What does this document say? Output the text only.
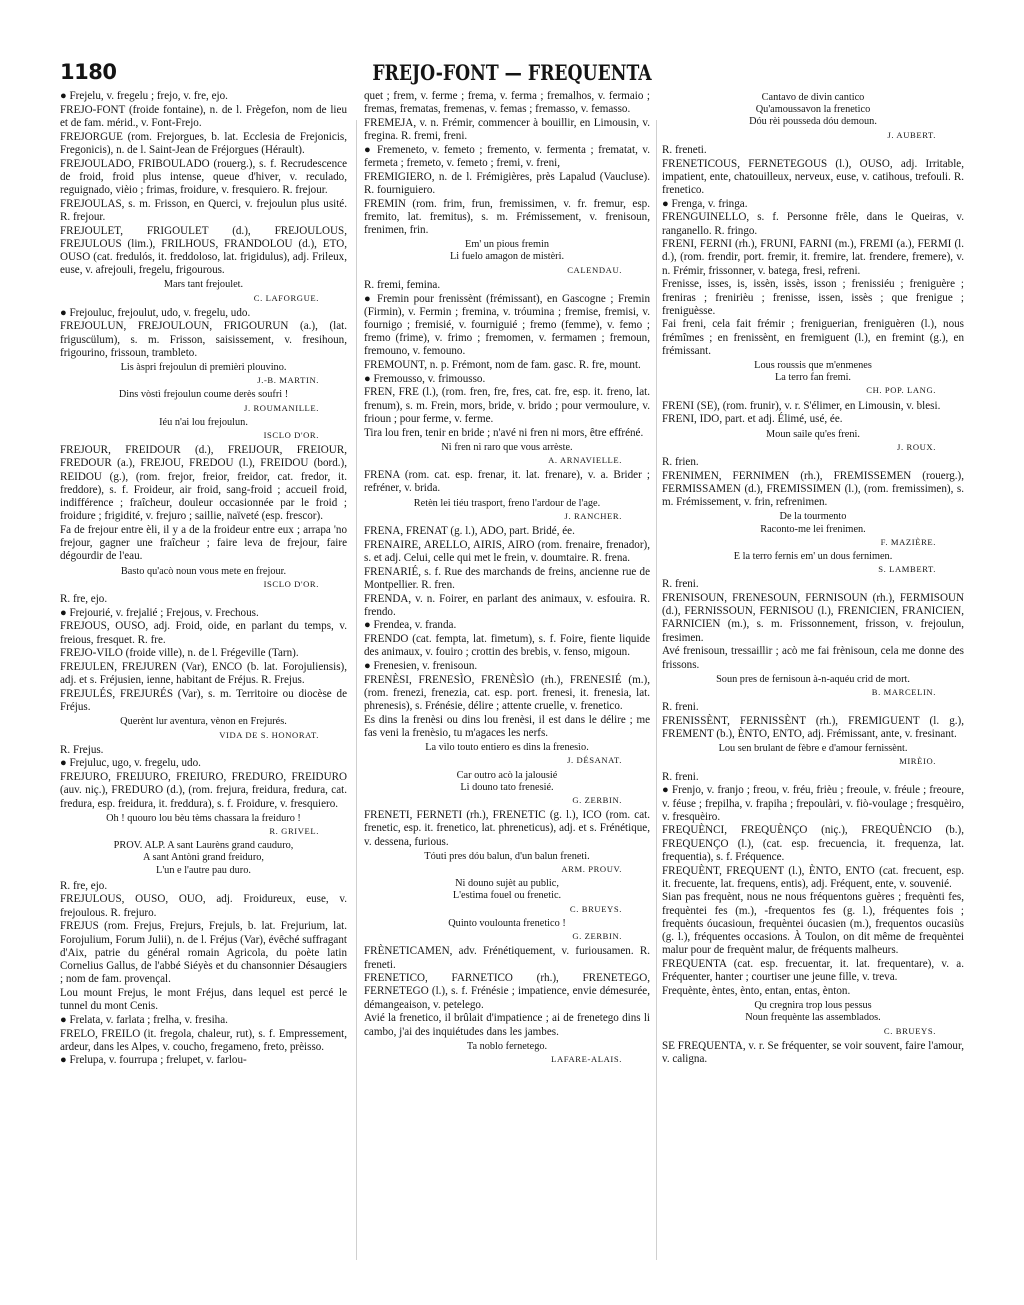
1180	FREJO-FONT — FREQUENTA

● Frejelu, v. fregelu ; frejo, v. fre, ejo.

FREJO-FONT (froide fontaine), n. de l. Frègefon, nom de lieu et de fam. mérid., v. Font-Frejo.

FREJORGUE (rom. Frejorgues, b. lat. Ecclesia de Frejonicis, Fregonicis), n. de l. Saint-Jean de Fréjorgues (Hérault).

FREJOULADO, FRIBOULADO (rouerg.), s. f. Recrudescence de froid, froid plus intense, queue d'hiver, v. reculado, reguignado, vièio ; frimas, froidure, v. fresquiero. R. frejour.

FREJOULAS, s. m. Frisson, en Querci, v. frejoulun plus usité. R. frejour.

FREJOULET, FRIGOULET (d.), FREJOULOUS, FREJULOUS (lim.), FRILHOUS, FRANDOLOU (d.), ETO, OUSO (cat. fredulós, it. freddoloso, lat. frigidulus), adj. Frileux, euse, v. afrejouli, fregelu, frigourous.

Mars tant frejoulet.
C. LAFORGUE.

● Frejouluc, frejoulut, udo, v. fregelu, udo.

FREJOULUN, FREJOULOUN, FRIGOURUN (a.), (lat. friguscülum), s. m. Frisson, saisissement, v. fresihoun, frigourino, frissoun, trambleto.

Lis àspri frejoulun di premièri plouvino.
J.-B. MARTIN.
Dins vòstì frejoulun coume derès soufri !
J. ROUMANILLE.
Iéu n'ai lou frejoulun.
ISCLO D'OR.

FREJOUR, FREIDOUR (d.), FREIJOUR, FREIOUR, FREDOUR (a.), FREJOU, FREDOU (l.), FREIDOU (bord.), REIDOU (g.), (rom. frejor, freior, freidor, cat. fredor, it. freddore), s. f. Froideur, air froid, sang-froid ; accueil froid, indifférence ; fraîcheur, douleur occasionnée par le froid ; froidure ; frigidité, v. frejuro ; saillie, naïveté (esp. frescor).

Fa de frejour entre èli, il y a de la froideur entre eux ; arrapa 'no frejour, gagner une fraîcheur ; faire leva de frejour, faire dégourdir de l'eau.

Basto qu'acò noun vous mete en frejour.
ISCLO D'OR.

R. fre, ejo.

● Frejourié, v. frejalié ; Frejous, v. Frechous.

FREJOUS, OUSO, adj. Froid, oide, en parlant du temps, v. freious, fresquet. R. fre.

FREJO-VILO (froide ville), n. de l. Frégeville (Tarn).

FREJULEN, FREJUREN (Var), ENCO (b. lat. Forojuliensis), adj. et s. Fréjusien, ienne, habitant de Fréjus. R. Frejus.

FREJULÉS, FREJURÉS (Var), s. m. Territoire ou diocèse de Fréjus.

Querènt lur aventura, vènon en Frejurés.
VIDA DE S. HONORAT.

R. Frejus.

● Frejuluc, ugo, v. fregelu, udo.

FREJURO, FREIJURO, FREIURO, FREDURO, FREIDURO (auv. niç.), FREDURO (d.), (rom. frejura, freidura, fredura, cat. fredura, esp. freidura, it. freddura), s. f. Froidure, v. fresquiero.

Oh ! quouro lou bèu tèms chassara la freiduro !
R. GRIVEL.
PROV. ALP. A sant Laurèns grand cauduro,
A sant Antòni grand freiduro,
L'un e l'autre pau duro.

R. fre, ejo.

FREJULOUS, OUSO, OUO, adj. Froidureux, euse, v. frejoulous. R. frejuro.

FREJUS (rom. Frejus, Frejurs, Frejuls, b. lat. Frejurium, lat. Forojulium, Forum Julii), n. de l. Fréjus (Var), évêché suffragant d'Aix, patrie du général romain Agricola, du poète latin Cornelius Gallus, de l'abbé Siéyès et du chansonnier Désaugiers ; nom de fam. provençal.

Lou mount Frejus, le mont Fréjus, dans lequel est percé le tunnel du mont Cenis.

● Frelata, v. farlata ; frelha, v. fresiha.

FRELO, FREILO (it. fregola, chaleur, rut), s. f. Empressement, ardeur, dans les Alpes, v. coucho, fregameno, freto, prèisso.

● Frelupa, v. fourrupa ; frelupet, v. farlou-

quet ; frem, v. ferme ; frema, v. ferma ; fremalhos, v. fermaio ; fremas, frematas, fremenas, v. femas ; fremasso, v. femasso.

FREMEJA, v. n. Frémir, commencer à bouillir, en Limousin, v. fregina. R. fremi, freni.

● Fremeneto, v. femeto ; fremento, v. fermenta ; frematat, v. fermeta ; fremeto, v. femeto ; fremi, v. freni,

FREMIGIERO, n. de l. Frémigières, près Lapalud (Vaucluse). R. fourniguiero.

FREMIN (rom. frim, frun, fremissimen, v. fr. fremur, esp. fremito, lat. fremitus), s. m. Frémissement, v. frenisoun, frenimen, frin.

Em' un pious fremin
Li fuelo amagon de mistèri.
CALENDAU.

R. fremi, femina.

● Fremin pour frenissènt (frémissant), en Gascogne ; Fremin (Firmin), v. Fermin ; fremina, v. tróumina ; fremise, fremisi, v. fournigo ; fremisié, v. fourniguié ; fremo (femme), v. femo ; fremo (frime), v. frimo ; fremomen, v. fermamen ; fremoun, fremouno, v. femouno.

FREMOUNT, n. p. Frémont, nom de fam. gasc. R. fre, mount.

● Fremousso, v. frimousso.

FREN, FRE (l.), (rom. fren, fre, fres, cat. fre, esp. it. freno, lat. frenum), s. m. Frein, mors, bride, v. brido ; pour vermoulure, v. frioun ; pour ferme, v. ferme.

Tira lou fren, tenir en bride ; n'avé ni fren ni mors, être effréné.

Ni fren ni raro que vous arrèste.
A. ARNAVIELLE.

FRENA (rom. cat. esp. frenar, it. lat. frenare), v. a. Brider ; refréner, v. brida.

Retèn lei tiéu trasport, freno l'ardour de l'age.
J. RANCHER.

FRENA, FRENAT (g. l.), ADO, part. Bridé, ée.

FRENAIRE, ARELLO, AIRIS, AIRO (rom. frenaire, frenador), s. et adj. Celui, celle qui met le frein, v. doumtaire. R. frena.

FRENARIÉ, s. f. Rue des marchands de freins, ancienne rue de Montpellier. R. fren.

FRENDA, v. n. Foirer, en parlant des animaux, v. esfouira. R. frendo.

● Frendea, v. franda.

FRENDO (cat. fempta, lat. fimetum), s. f. Foire, fiente liquide des animaux, v. fouiro ; crottin des brebis, v. fenso, migoun.

● Frenesien, v. frenisoun.

FRENÈSI, FRENESÌO, FRENÈSÌO (rh.), FRENESIÉ (m.), (rom. frenezi, frenezia, cat. esp. port. frenesi, it. frenesia, lat. phrenesis), s. Frénésie, délire ; attente cruelle, v. frenetico.

Es dins la frenèsi ou dins lou frenèsi, il est dans le délire ; me fas veni la frenèsio, tu m'agaces les nerfs.

La vìlo touto entiero es dins la frenesìo.
J. DÉSANAT.
Car outro acò la jalousié
Li douno tato frenesié.
G. ZERBIN.

FRENETI, FERNETI (rh.), FRENETIC (g. l.), ICO (rom. cat. frenetic, esp. it. frenetico, lat. phreneticus), adj. et s. Frénétique, v. dessena, furious.

Tóuti pres dóu balun, d'un balun freneti.
ARM. PROUV.
Ni douno sujèt au public,
L'estima fouel ou frenetic.
C. BRUEYS.
Quinto voulounta frenetico !
G. ZERBIN.

FRÈNETICAMEN, adv. Frénétiquement, v. furiousamen. R. freneti.

FRENETICO, FARNETICO (rh.), FRENETEGO, FERNETEGO (l.), s. f. Frénésie ; impatience, envie démesurée, démangeaison, v. petelego.

Avié la frenetico, il brûlait d'impatience ; ai de frenetego dins li cambo, j'ai des inquiétudes dans les jambes.

Ta noblo fernetego.
LAFARE-ALAIS.
Cantavo de divin cantico
Qu'amoussavon la frenetico
Dóu rèi pousseda dóu demoun.
J. AUBERT.

R. freneti.

FRENETICOUS, FERNETEGOUS (l.), OUSO, adj. Irritable, impatient, ente, chatouilleux, nerveux, euse, v. catihous, trefouli. R. frenetico.

● Frenga, v. fringa.

FRENGUINELLO, s. f. Personne frêle, dans le Queiras, v. ranganello. R. fringo.

FRENI, FERNI (rh.), FRUNI, FARNI (m.), FREMI (a.), FERMI (l. d.), (rom. frendir, port. fremir, it. fremire, lat. frendere, fremere), v. n. Frémir, frissonner, v. batega, fresi, refreni.

Frenisse, isses, is, issèn, issès, isson ; frenissiéu ; freniguère ; freniras ; frenirièu ; frenisse, issen, issès ; que frenigue ; freniguèsse.

Fai freni, cela fait frémir ; freniguerian, freniguèren (l.), nous frémîmes ; en frenissènt, en fremiguent (l.), en fremint (g.), en frémissant.

Lous roussis que m'enmenes
La terro fan fremi.
CH. POP. LANG.

FRENI (SE), (rom. frunir), v. r. S'élimer, en Limousin, v. blesi.

FRENI, IDO, part. et adj. Élimé, usé, ée.

Moun saile qu'es freni.
J. ROUX.

R. frien.

FRENIMEN, FERNIMEN (rh.), FREMISSEMEN (rouerg.), FERMISSAMEN (d.), FREMISSIMEN (l.), (rom. fremissimen), s. m. Frémissement, v. frin, refrenimen.

De la tourmento
Raconto-me lei frenimen.
F. MAZIÈRE.
E la terro fernis em' un dous fernimen.
S. LAMBERT.

R. freni.

FRENISOUN, FRENESOUN, FERNISOUN (rh.), FERMISOUN (d.), FERNISSOUN, FERNISOU (l.), FRENICIEN, FRANICIEN, FARNICIEN (m.), s. m. Frissonnement, frisson, v. frejoulun, fresimen.

Avé frenisoun, tressaillir ; acò me fai frènisoun, cela me donne des frissons.

Soun pres de fernisoun à-n-aquéu crid de mort.
B. MARCELIN.

R. freni.

FRENISSÈNT, FERNISSÈNT (rh.), FREMIGUENT (l. g.), FREMENT (b.), ÈNTO, ENTO, adj. Frémissant, ante, v. fresinant.

Lou sen brulant de fèbre e d'amour fernissènt.
MIRÈIO.

R. freni.

● Frenjo, v. franjo ; freou, v. fréu, frièu ; freoule, v. fréule ; freoure, v. féuse ; frepilha, v. frapiha ; frepoulàri, v. fiò-voulage ; fresquèiro, v. fresquèiro.

FREQUÈNCI, FREQUÈNÇO (niç.), FREQUÈNCIO (b.), FREQUENÇO (l.), (cat. esp. frecuencia, it. frequenza, lat. frequentia), s. f. Fréquence.

FREQUÈNT, FREQUENT (l.), ÈNTO, ENTO (cat. frecuent, esp. it. frecuente, lat. frequens, entis), adj. Fréquent, ente, v. souvenié.

Sian pas frequènt, nous ne nous fréquentons guères ; frequènti fes, frequèntei fes (m.), -frequentos fes (g. l.), fréquentes fois ; frequènts óucasioun, frequèntei óucasien (m.), frequentos oucasiùs (g. l.), fréquentes occasions. À Toulon, on dit même de frequèntei malur pour de frequènt malur, de fréquents malheurs.

FREQUENTA (cat. esp. frecuentar, it. lat. frequentare), v. a. Fréquenter, hanter ; courtiser une jeune fille, v. treva.

Frequènte, èntes, ènto, entan, entas, ènton.

Qu cregnira trop lous pessus
Noun frequènte las assemblados.
C. BRUEYS.

SE FREQUENTA, v. r. Se fréquenter, se voir souvent, faire l'amour, v. caligna.
